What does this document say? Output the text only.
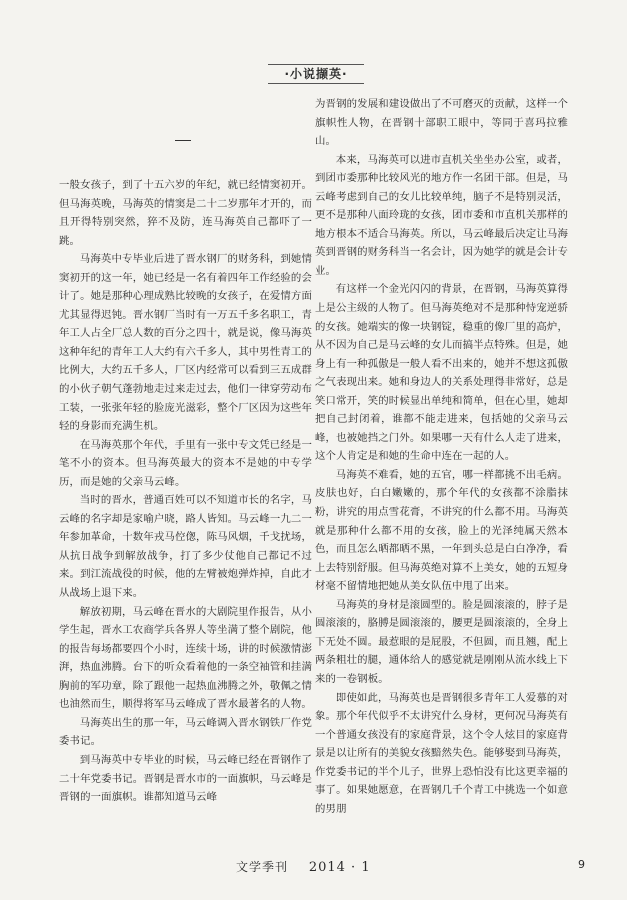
·小说撷英·

一般女孩子，到了十五六岁的年纪，就已经情窦初开。但马海英晚，马海英的情窦是二十二岁那年才开的，而且开得特别突然，猝不及防，连马海英自己都吓了一跳。

马海英中专毕业后进了晋水钢厂的财务科，到她情窦初开的这一年，她已经是一名有着四年工作经验的会计了。她是那种心理成熟比较晚的女孩子，在爱情方面尤其显得迟钝。晋水钢厂当时有一万五千多名职工，青年工人占全厂总人数的百分之四十，就是说，像马海英这种年纪的青年工人大约有六千多人，其中男性青工的比例大，大约五千多人，厂区内经常可以看到三五成群的小伙子朝气蓬勃地走过来走过去，他们一律穿劳动布工装，一张张年轻的脸庞光滋彩，整个厂区因为这些年轻的身影而充满生机。

在马海英那个年代，手里有一张中专文凭已经是一笔不小的资本。但马海英最大的资本不是她的中专学历，而是她的父亲马云峰。

当时的晋水，普通百姓可以不知道市长的名字，马云峰的名字却是家喻户晓，路人皆知。马云峰一九二一年参加革命，十数年戎马倥偬，陈马风烟，千戈扰场，从抗日战争到解放战争，打了多少仗他自己都记不过来。到江流战役的时候，他的左臂被炮弹炸掉，自此才从战场上退下来。

解放初期，马云峰在晋水的大剧院里作报告，从小学生起，晋水工农商学兵各界人等坐满了整个剧院，他的报告每场都要四个小时，连续十场，讲的时候激情澎湃，热血沸腾。台下的听众看着他的一条空袖管和挂满胸前的军功章，除了跟他一起热血沸腾之外，敬佩之情也油然而生，顺得将军马云峰成了晋水最著名的人物。

马海英出生的那一年，马云峰调入晋水钢铁厂作党委书记。

到马海英中专毕业的时候，马云峰已经在晋钢作了二十年党委书记。晋钢是晋水市的一面旗帜，马云峰是晋钢的一面旗帜。谁都知道马云峰

为晋钢的发展和建设做出了不可磨灭的贡献，这样一个旗帜性人物，在晋钢十部职工眼中，等同于喜玛拉雅山。

本来，马海英可以进市直机关坐坐办公室，或者，到团市委那种比较风光的地方作一名团干部。但是，马云峰考虑到自己的女儿比较单纯，脑子不是特别灵活，更不是那种八面玲珑的女孩，团市委和市直机关那样的地方根本不适合马海英。所以，马云峰最后决定让马海英到晋钢的财务科当一名会计，因为她学的就是会计专业。

有这样一个金光闪闪的背景，在晋钢，马海英算得上是公主级的人物了。但马海英绝对不是那种恃宠逆骄的女孩。她端实的像一块钢锭，稳重的像厂里的高炉，从不因为自己是马云峰的女儿而搞半点特殊。但是，她身上有一种孤傲是一般人看不出来的，她并不想这孤傲之气表现出来。她和身边人的关系处理得非常好，总是笑口常开，笑的时候显出单纯和简单，但在心里，她却把自己封闭着，谁都不能走进来，包括她的父亲马云峰，也被她挡之门外。如果哪一天有什么人走了进来，这个人肯定是和她的生命中连在一起的人。

马海英不难看，她的五官，哪一样都挑不出毛病。皮肤也好，白白嫩嫩的，那个年代的女孩都不涂脂抹粉，讲究的用点雪花膏，不讲究的什么都不用。马海英就是那种什么都不用的女孩，脸上的光泽纯属天然本色，而且怎么晒都晒不黑，一年到头总是白白净净，看上去特别舒服。但马海英绝对算不上美女，她的五短身材毫不留情地把她从美女队伍中甩了出来。

马海英的身材是滚圆型的。脸是圆滚滚的，脖子是圆滚滚的，胳膊是圆滚滚的，腰更是圆滚滚的，全身上下无处不圆。最惹眼的是屁股，不但圆，而且翘，配上两条粗壮的腿，通体给人的感觉就是刚刚从流水线上下来的一卷钢板。

即使如此，马海英也是晋钢很多青年工人爱慕的对象。那个年代似乎不太讲究什么身材，更何况马海英有一个普通女孩没有的家庭背景，这个令人炫目的家庭背景是以让所有的美貌女孩黯然失色。能够娶到马海英，作党委书记的半个儿子，世界上恐怕没有比这更幸福的事了。如果她愿意，在晋钢几千个青工中挑选一个如意的男朋

文学季刊 2014 · 1	9
